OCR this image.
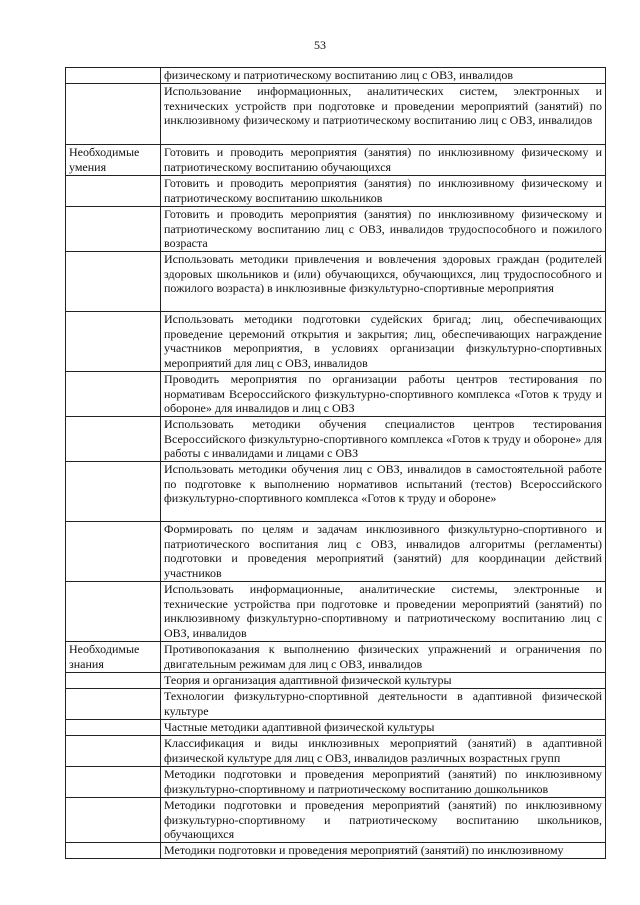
53
	физическому и патриотическому воспитанию лиц с ОВЗ, инвалидов
	Использование информационных, аналитических систем, электронных и технических устройств при подготовке и проведении мероприятий (занятий) по инклюзивному физическому и патриотическому воспитанию лиц с ОВЗ, инвалидов
Необходимые умения	Готовить и проводить мероприятия (занятия) по инклюзивному физическому и патриотическому воспитанию обучающихся
	Готовить и проводить мероприятия (занятия) по инклюзивному физическому и патриотическому воспитанию школьников
	Готовить и проводить мероприятия (занятия) по инклюзивному физическому и патриотическому воспитанию лиц с ОВЗ, инвалидов трудоспособного и пожилого возраста
	Использовать методики привлечения и вовлечения здоровых граждан (родителей здоровых школьников и (или) обучающихся, обучающихся, лиц трудоспособного и пожилого возраста) в инклюзивные физкультурно-спортивные мероприятия
	Использовать методики подготовки судейских бригад; лиц, обеспечивающих проведение церемоний открытия и закрытия; лиц, обеспечивающих награждение участников мероприятия, в условиях организации физкультурно-спортивных мероприятий для лиц с ОВЗ, инвалидов
	Проводить мероприятия по организации работы центров тестирования по нормативам Всероссийского физкультурно-спортивного комплекса «Готов к труду и обороне» для инвалидов и лиц с ОВЗ
	Использовать методики обучения специалистов центров тестирования Всероссийского физкультурно-спортивного комплекса «Готов к труду и обороне» для работы с инвалидами и лицами с ОВЗ
	Использовать методики обучения лиц с ОВЗ, инвалидов в самостоятельной работе по подготовке к выполнению нормативов испытаний (тестов) Всероссийского физкультурно-спортивного комплекса «Готов к труду и обороне»
	Формировать по целям и задачам инклюзивного физкультурно-спортивного и патриотического воспитания лиц с ОВЗ, инвалидов алгоритмы (регламенты) подготовки и проведения мероприятий (занятий) для координации действий участников
	Использовать информационные, аналитические системы, электронные и технические устройства при подготовке и проведении мероприятий (занятий) по инклюзивному физкультурно-спортивному и патриотическому воспитанию лиц с ОВЗ, инвалидов
Необходимые знания	Противопоказания к выполнению физических упражнений и ограничения по двигательным режимам для лиц с ОВЗ, инвалидов
	Теория и организация адаптивной физической культуры
	Технологии физкультурно-спортивной деятельности в адаптивной физической культуре
	Частные методики адаптивной физической культуры
	Классификация и виды инклюзивных мероприятий (занятий) в адаптивной физической культуре для лиц с ОВЗ, инвалидов различных возрастных групп
	Методики подготовки и проведения мероприятий (занятий) по инклюзивному физкультурно-спортивному и патриотическому воспитанию дошкольников
	Методики подготовки и проведения мероприятий (занятий) по инклюзивному физкультурно-спортивному и патриотическому воспитанию школьников, обучающихся
	Методики подготовки и проведения мероприятий (занятий) по инклюзивному
